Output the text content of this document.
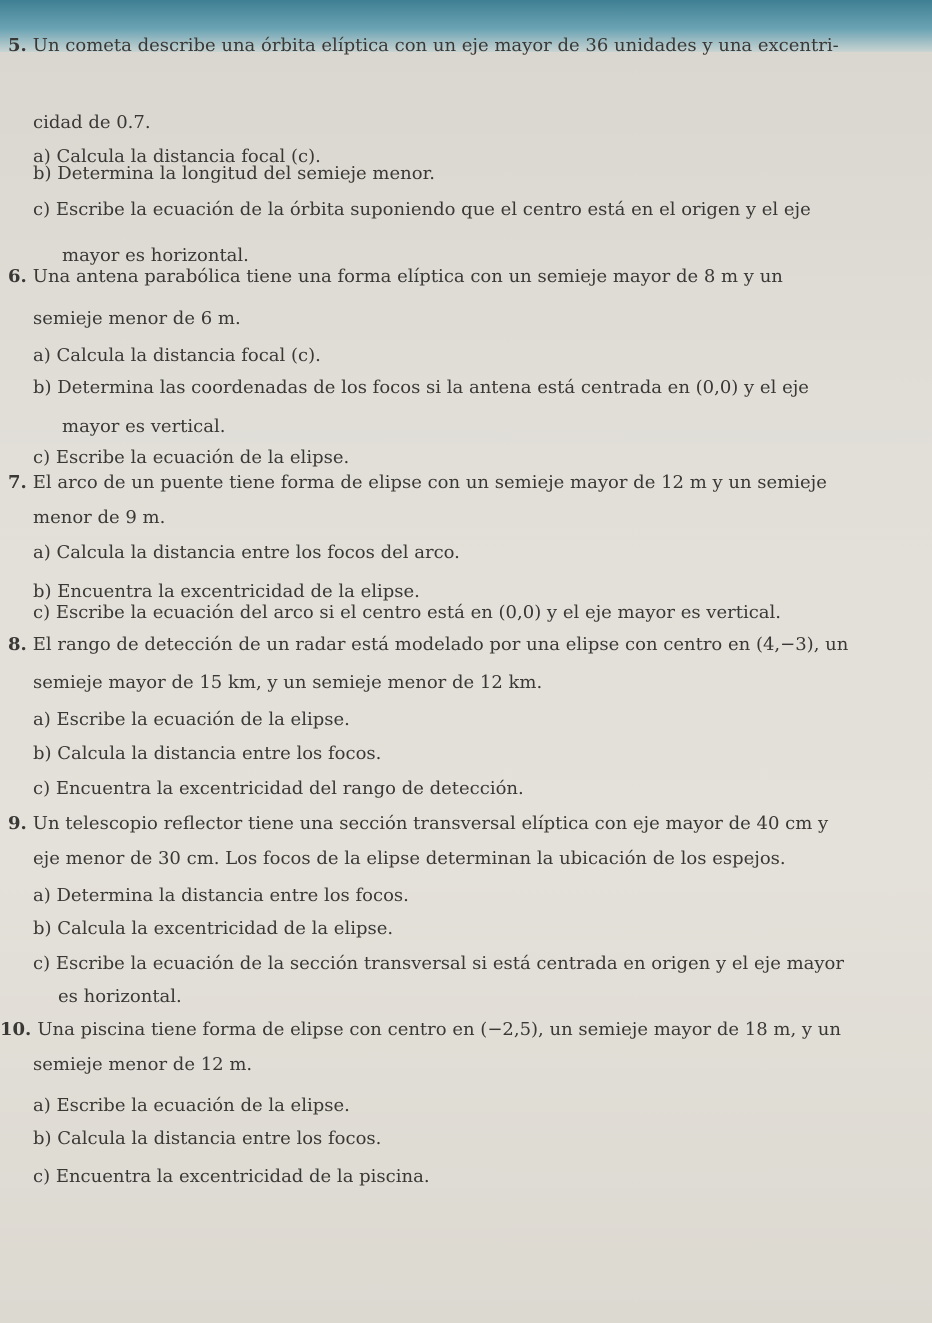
5. Un cometa describe una órbita elíptica con un eje mayor de 36 unidades y una excentri-
cidad de 0.7.
a) Calcula la distancia focal (c).
b) Determina la longitud del semieje menor.
c) Escribe la ecuación de la órbita suponiendo que el centro está en el origen y el eje
mayor es horizontal.
6. Una antena parabólica tiene una forma elíptica con un semieje mayor de 8 m y un
semieje menor de 6 m.
a) Calcula la distancia focal (c).
b) Determina las coordenadas de los focos si la antena está centrada en (0,0) y el eje
mayor es vertical.
c) Escribe la ecuación de la elipse.
7. El arco de un puente tiene forma de elipse con un semieje mayor de 12 m y un semieje
menor de 9 m.
a) Calcula la distancia entre los focos del arco.
b) Encuentra la excentricidad de la elipse.
c) Escribe la ecuación del arco si el centro está en (0,0) y el eje mayor es vertical.
8. El rango de detección de un radar está modelado por una elipse con centro en (4,−3), un
semieje mayor de 15 km, y un semieje menor de 12 km.
a) Escribe la ecuación de la elipse.
b) Calcula la distancia entre los focos.
c) Encuentra la excentricidad del rango de detección.
9. Un telescopio reflector tiene una sección transversal elíptica con eje mayor de 40 cm y
eje menor de 30 cm. Los focos de la elipse determinan la ubicación de los espejos.
a) Determina la distancia entre los focos.
b) Calcula la excentricidad de la elipse.
c) Escribe la ecuación de la sección transversal si está centrada en origen y el eje mayor
es horizontal.
10. Una piscina tiene forma de elipse con centro en (−2,5), un semieje mayor de 18 m, y un
semieje menor de 12 m.
a) Escribe la ecuación de la elipse.
b) Calcula la distancia entre los focos.
c) Encuentra la excentricidad de la piscina.
